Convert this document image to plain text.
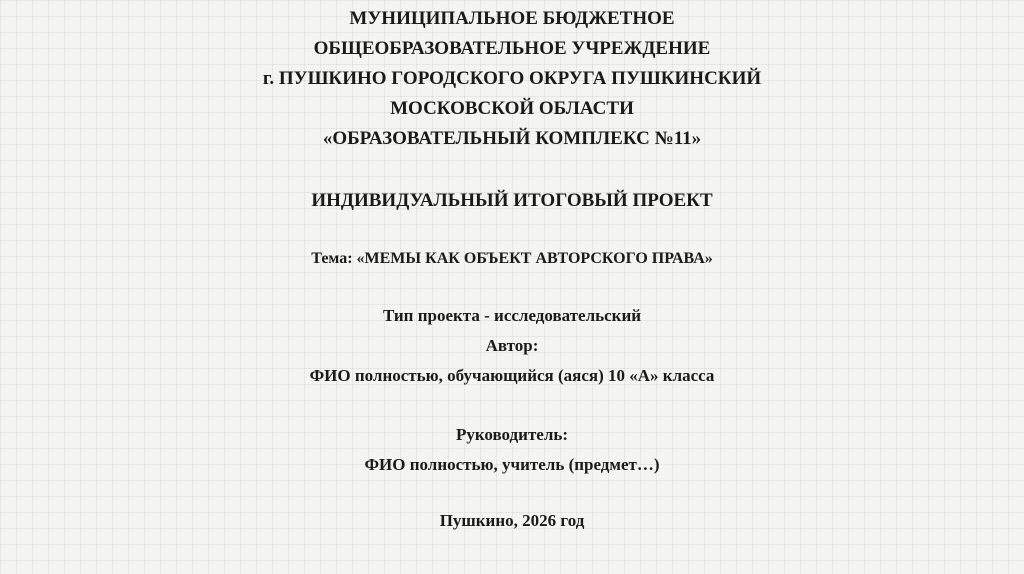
МУНИЦИПАЛЬНОЕ БЮДЖЕТНОЕ
ОБЩЕОБРАЗОВАТЕЛЬНОЕ УЧРЕЖДЕНИЕ
г. ПУШКИНО ГОРОДСКОГО ОКРУГА ПУШКИНСКИЙ
МОСКОВСКОЙ ОБЛАСТИ
«ОБРАЗОВАТЕЛЬНЫЙ КОМПЛЕКС №11»
ИНДИВИДУАЛЬНЫЙ ИТОГОВЫЙ ПРОЕКТ
Тема: «МЕМЫ КАК ОБЪЕКТ АВТОРСКОГО ПРАВА»
Тип проекта - исследовательский
Автор:
ФИО полностью, обучающийся (аяся) 10 «А» класса
Руководитель:
ФИО полностью, учитель (предмет…)
Пушкино, 2026 год
